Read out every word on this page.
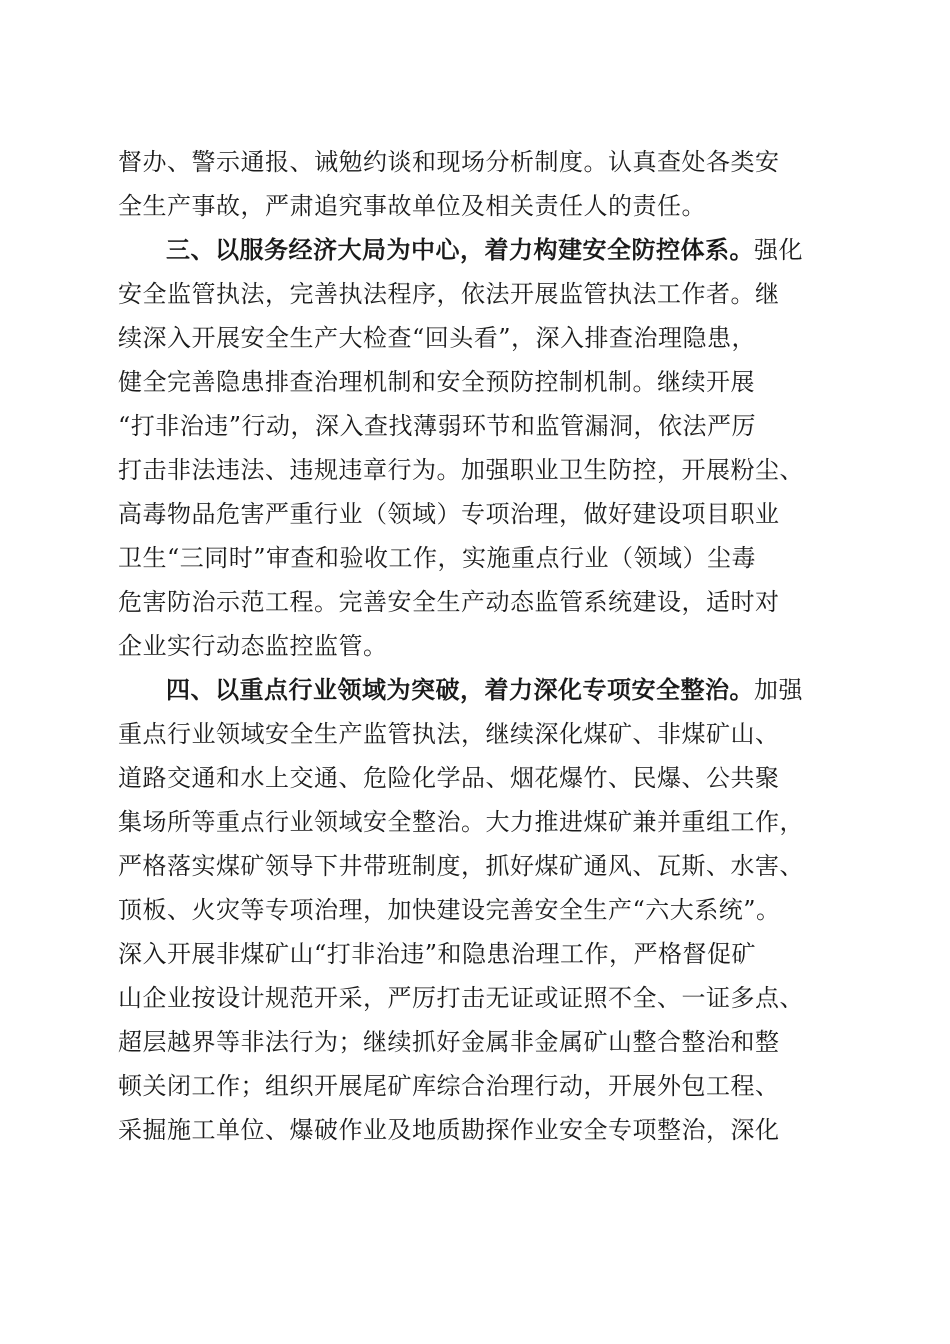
督办、警示通报、诫勉约谈和现场分析制度。认真查处各类安
全生产事故，严肃追究事故单位及相关责任人的责任。
三、以服务经济大局为中心，着力构建安全防控体系。强化
安全监管执法，完善执法程序，依法开展监管执法工作者。继
续深入开展安全生产大检查“回头看”，深入排查治理隐患，
健全完善隐患排查治理机制和安全预防控制机制。继续开展
“打非治违”行动，深入查找薄弱环节和监管漏洞，依法严厉
打击非法违法、违规违章行为。加强职业卫生防控，开展粉尘、
高毒物品危害严重行业（领域）专项治理，做好建设项目职业
卫生“三同时”审查和验收工作，实施重点行业（领域）尘毒
危害防治示范工程。完善安全生产动态监管系统建设，适时对
企业实行动态监控监管。
四、以重点行业领域为突破，着力深化专项安全整治。加强
重点行业领域安全生产监管执法，继续深化煤矿、非煤矿山、
道路交通和水上交通、危险化学品、烟花爆竹、民爆、公共聚
集场所等重点行业领域安全整治。大力推进煤矿兼并重组工作，
严格落实煤矿领导下井带班制度，抓好煤矿通风、瓦斯、水害、
顶板、火灾等专项治理，加快建设完善安全生产“六大系统”。
深入开展非煤矿山“打非治违”和隐患治理工作，严格督促矿
山企业按设计规范开采，严厉打击无证或证照不全、一证多点、
超层越界等非法行为；继续抓好金属非金属矿山整合整治和整
顿关闭工作；组织开展尾矿库综合治理行动，开展外包工程、
采掘施工单位、爆破作业及地质勘探作业安全专项整治，深化
